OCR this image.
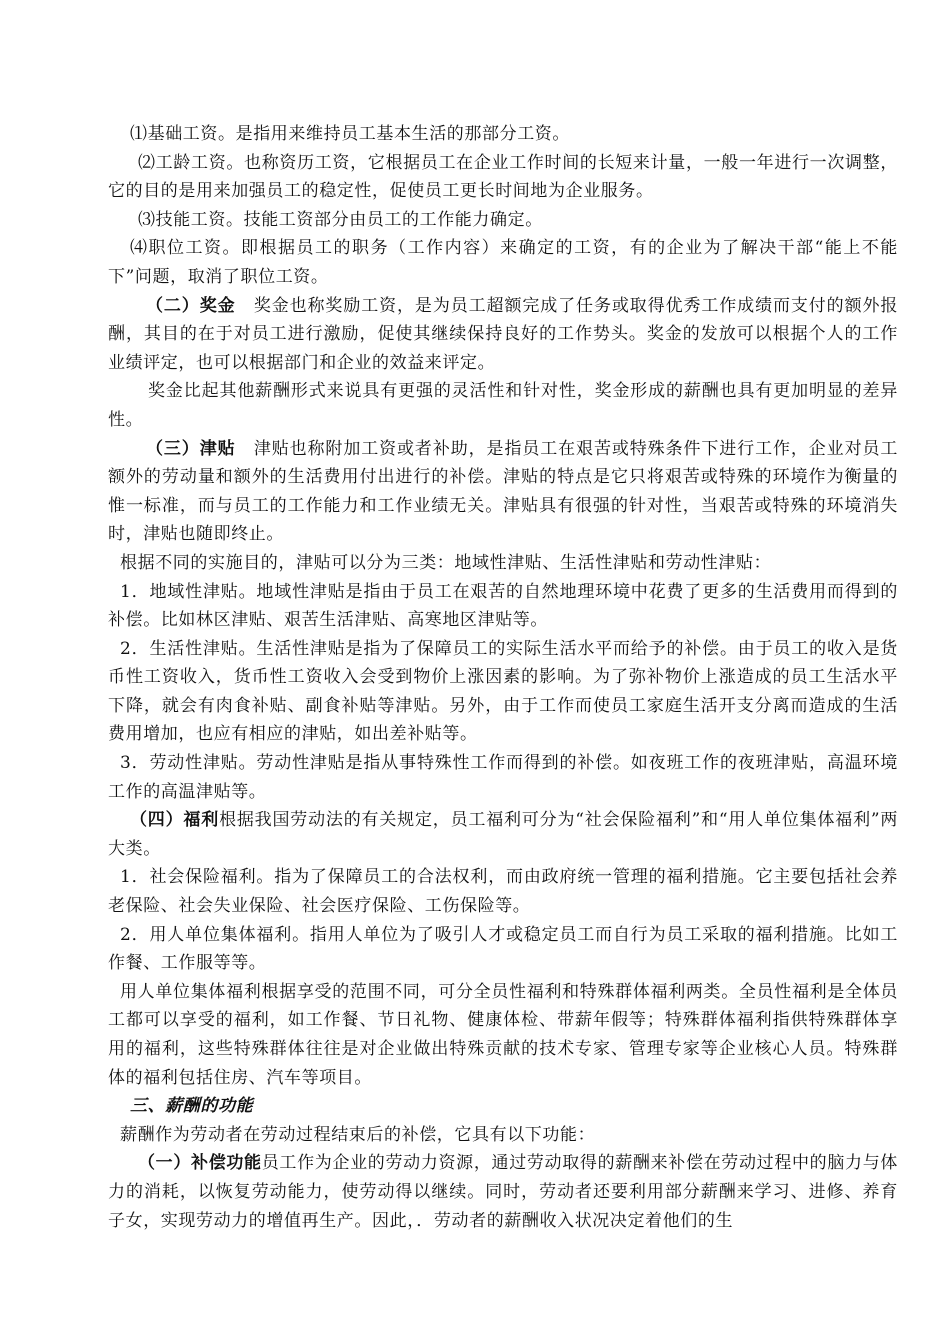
⑴基础工资。是指用来维持员工基本生活的那部分工资。

⑵工龄工资。也称资历工资，它根据员工在企业工作时间的长短来计量，一般一年进行一次调整，它的目的是用来加强员工的稳定性，促使员工更长时间地为企业服务。

⑶技能工资。技能工资部分由员工的工作能力确定。

⑷职位工资。即根据员工的职务（工作内容）来确定的工资，有的企业为了解决干部“能上不能下”问题，取消了职位工资。

（二）奖金 奖金也称奖励工资，是为员工超额完成了任务或取得优秀工作成绩而支付的额外报酬，其目的在于对员工进行激励，促使其继续保持良好的工作势头。奖金的发放可以根据个人的工作业绩评定，也可以根据部门和企业的效益来评定。

奖金比起其他薪酬形式来说具有更强的灵活性和针对性，奖金形成的薪酬也具有更加明显的差异性。

（三）津贴 津贴也称附加工资或者补助，是指员工在艰苦或特殊条件下进行工作，企业对员工额外的劳动量和额外的生活费用付出进行的补偿。津贴的特点是它只将艰苦或特殊的环境作为衡量的惟一标准，而与员工的工作能力和工作业绩无关。津贴具有很强的针对性，当艰苦或特殊的环境消失时，津贴也随即终止。

根据不同的实施目的，津贴可以分为三类：地域性津贴、生活性津贴和劳动性津贴：

1．地域性津贴。地域性津贴是指由于员工在艰苦的自然地理环境中花费了更多的生活费用而得到的补偿。比如林区津贴、艰苦生活津贴、高寒地区津贴等。

2．生活性津贴。生活性津贴是指为了保障员工的实际生活水平而给予的补偿。由于员工的收入是货币性工资收入，货币性工资收入会受到物价上涨因素的影响。为了弥补物价上涨造成的员工生活水平下降，就会有肉食补贴、副食补贴等津贴。另外，由于工作而使员工家庭生活开支分离而造成的生活费用增加，也应有相应的津贴，如出差补贴等。

3．劳动性津贴。劳动性津贴是指从事特殊性工作而得到的补偿。如夜班工作的夜班津贴，高温环境工作的高温津贴等。

（四）福利根据我国劳动法的有关规定，员工福利可分为“社会保险福利”和“用人单位集体福利”两大类。

1．社会保险福利。指为了保障员工的合法权利，而由政府统一管理的福利措施。它主要包括社会养老保险、社会失业保险、社会医疗保险、工伤保险等。

2．用人单位集体福利。指用人单位为了吸引人才或稳定员工而自行为员工采取的福利措施。比如工作餐、工作服等等。

用人单位集体福利根据享受的范围不同，可分全员性福利和特殊群体福利两类。全员性福利是全体员工都可以享受的福利，如工作餐、节日礼物、健康体检、带薪年假等；特殊群体福利指供特殊群体享用的福利，这些特殊群体往往是对企业做出特殊贡献的技术专家、管理专家等企业核心人员。特殊群体的福利包括住房、汽车等项目。

三、薪酬的功能

薪酬作为劳动者在劳动过程结束后的补偿，它具有以下功能：

（一）补偿功能员工作为企业的劳动力资源，通过劳动取得的薪酬来补偿在劳动过程中的脑力与体力的消耗，以恢复劳动能力，使劳动得以继续。同时，劳动者还要利用部分薪酬来学习、进修、养育子女，实现劳动力的增值再生产。因此，．劳动者的薪酬收入状况决定着他们的生
